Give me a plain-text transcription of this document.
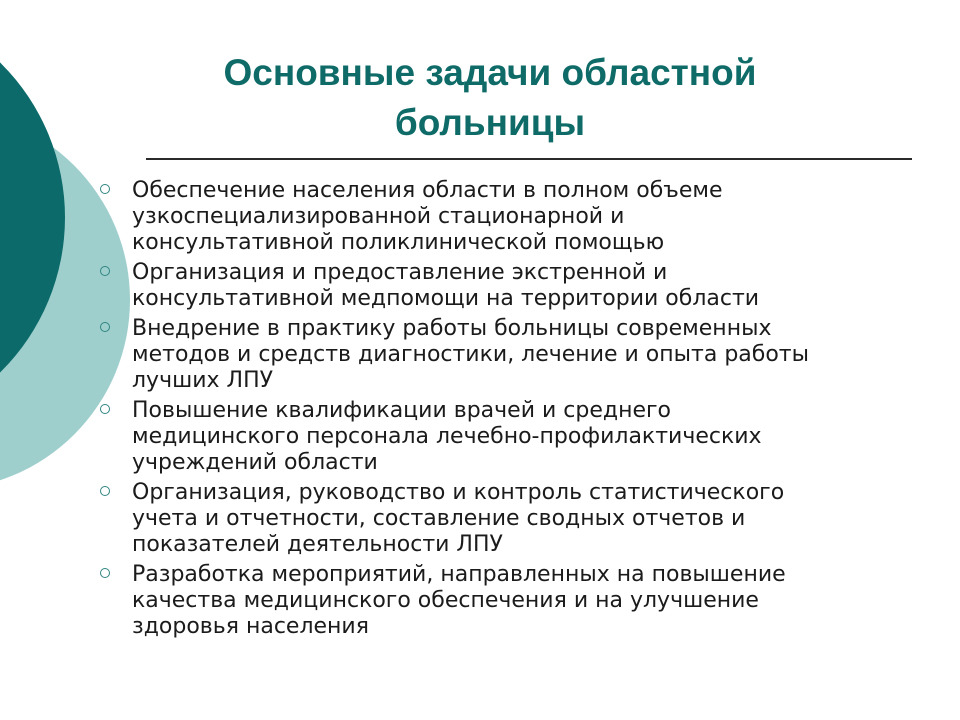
Основные задачи областной
больницы
Обеспечение населения области в полном объеме
узкоспециализированной стационарной и
консультативной поликлинической помощью
Организация и предоставление экстренной и
консультативной медпомощи на территории области
Внедрение в практику работы больницы современных
методов и средств диагностики, лечение и опыта работы
лучших ЛПУ
Повышение квалификации врачей и среднего
медицинского персонала лечебно-профилактических
учреждений области
Организация, руководство и контроль статистического
учета и отчетности, составление сводных отчетов и
показателей деятельности ЛПУ
Разработка мероприятий, направленных на повышение
качества медицинского обеспечения и на улучшение
здоровья населения
